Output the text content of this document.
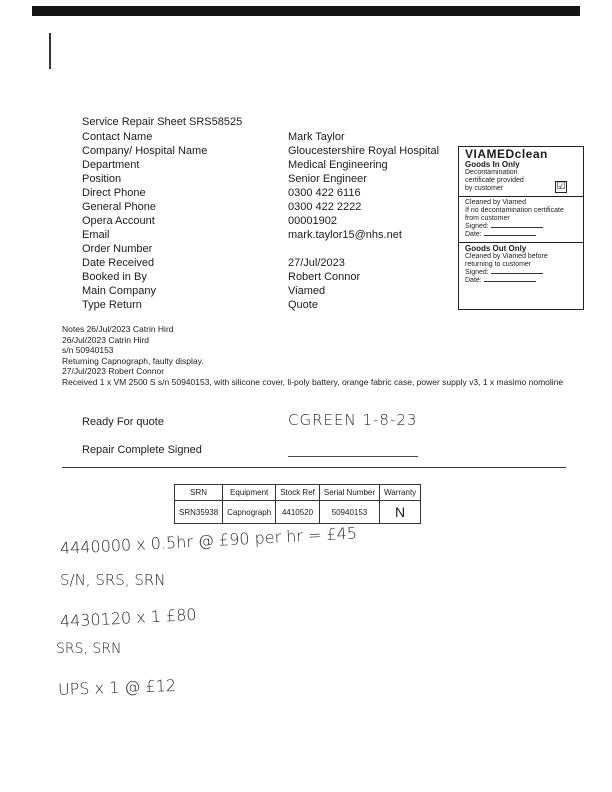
Service Repair Sheet SRS58525
Contact Name	Mark Taylor
Company/ Hospital Name	Gloucestershire Royal Hospital
Department	Medical Engineering
Position	Senior Engineer
Direct Phone	0300 422 6116
General Phone	0300 422 2222
Opera Account	00001902
Email	mark.taylor15@nhs.net
Order Number
Date Received	27/Jul/2023
Booked in By	Robert Connor
Main Company	Viamed
Type Return	Quote
VIAMEDclean
Goods In Only
Decontamination
certificate provided
by customer	☑
Cleaned by Viamed
If no decontamination certificate
from customer
Signed:
Date:
Goods Out Only
Cleaned by Viamed before
returning to customer
Signed:
Date:
Notes 26/Jul/2023 Catrin Hird
26/Jul/2023 Catrin Hird
s/n 50940153
Returning Capnograph, faulty display.
27/Jul/2023 Robert Connor
Received 1 x VM 2500 S s/n 50940153, with silicone cover, li-poly battery, orange fabric case, power supply v3, 1 x masimo nomoline
Ready For quote	CGREEN 1-8-23
Repair Complete Signed
SRN	Equipment	Stock Ref	Serial Number	Warranty
SRN35938	Capnograph	4410520	50940153	N
4440000 x 0.5hr @ £90 per hr = £45
S/N, SRS, SRN
4430120 x 1 £80
SRS, SRN
UPS x 1 @ £12
